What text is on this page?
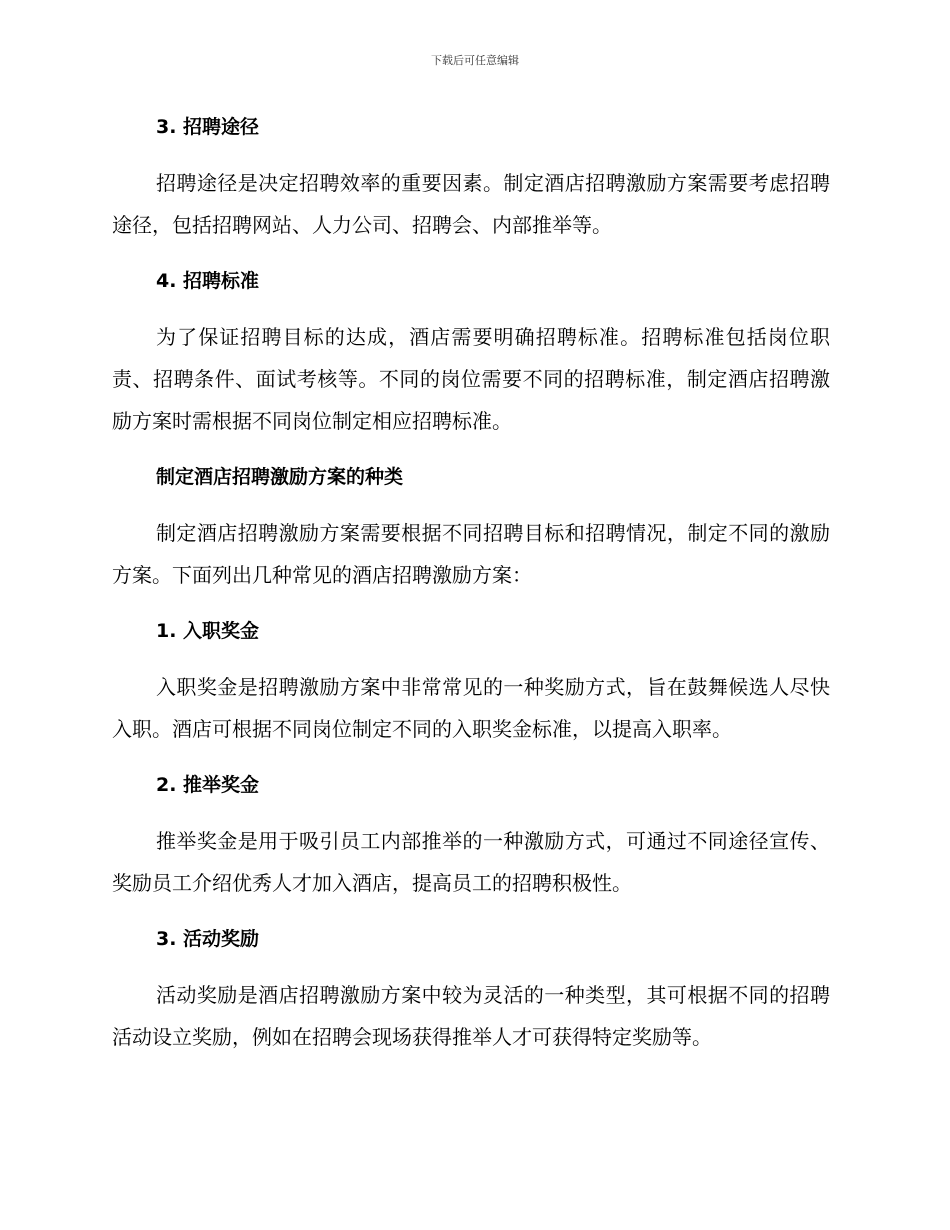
下载后可任意编辑
3. 招聘途径

招聘途径是决定招聘效率的重要因素。制定酒店招聘激励方案需要考虑招聘途径，包括招聘网站、人力公司、招聘会、内部推举等。

4. 招聘标准

为了保证招聘目标的达成，酒店需要明确招聘标准。招聘标准包括岗位职责、招聘条件、面试考核等。不同的岗位需要不同的招聘标准，制定酒店招聘激励方案时需根据不同岗位制定相应招聘标准。

制定酒店招聘激励方案的种类

制定酒店招聘激励方案需要根据不同招聘目标和招聘情况，制定不同的激励方案。下面列出几种常见的酒店招聘激励方案：

1. 入职奖金

入职奖金是招聘激励方案中非常常见的一种奖励方式，旨在鼓舞候选人尽快入职。酒店可根据不同岗位制定不同的入职奖金标准，以提高入职率。

2. 推举奖金

推举奖金是用于吸引员工内部推举的一种激励方式，可通过不同途径宣传、奖励员工介绍优秀人才加入酒店，提高员工的招聘积极性。

3. 活动奖励

活动奖励是酒店招聘激励方案中较为灵活的一种类型，其可根据不同的招聘活动设立奖励，例如在招聘会现场获得推举人才可获得特定奖励等。
